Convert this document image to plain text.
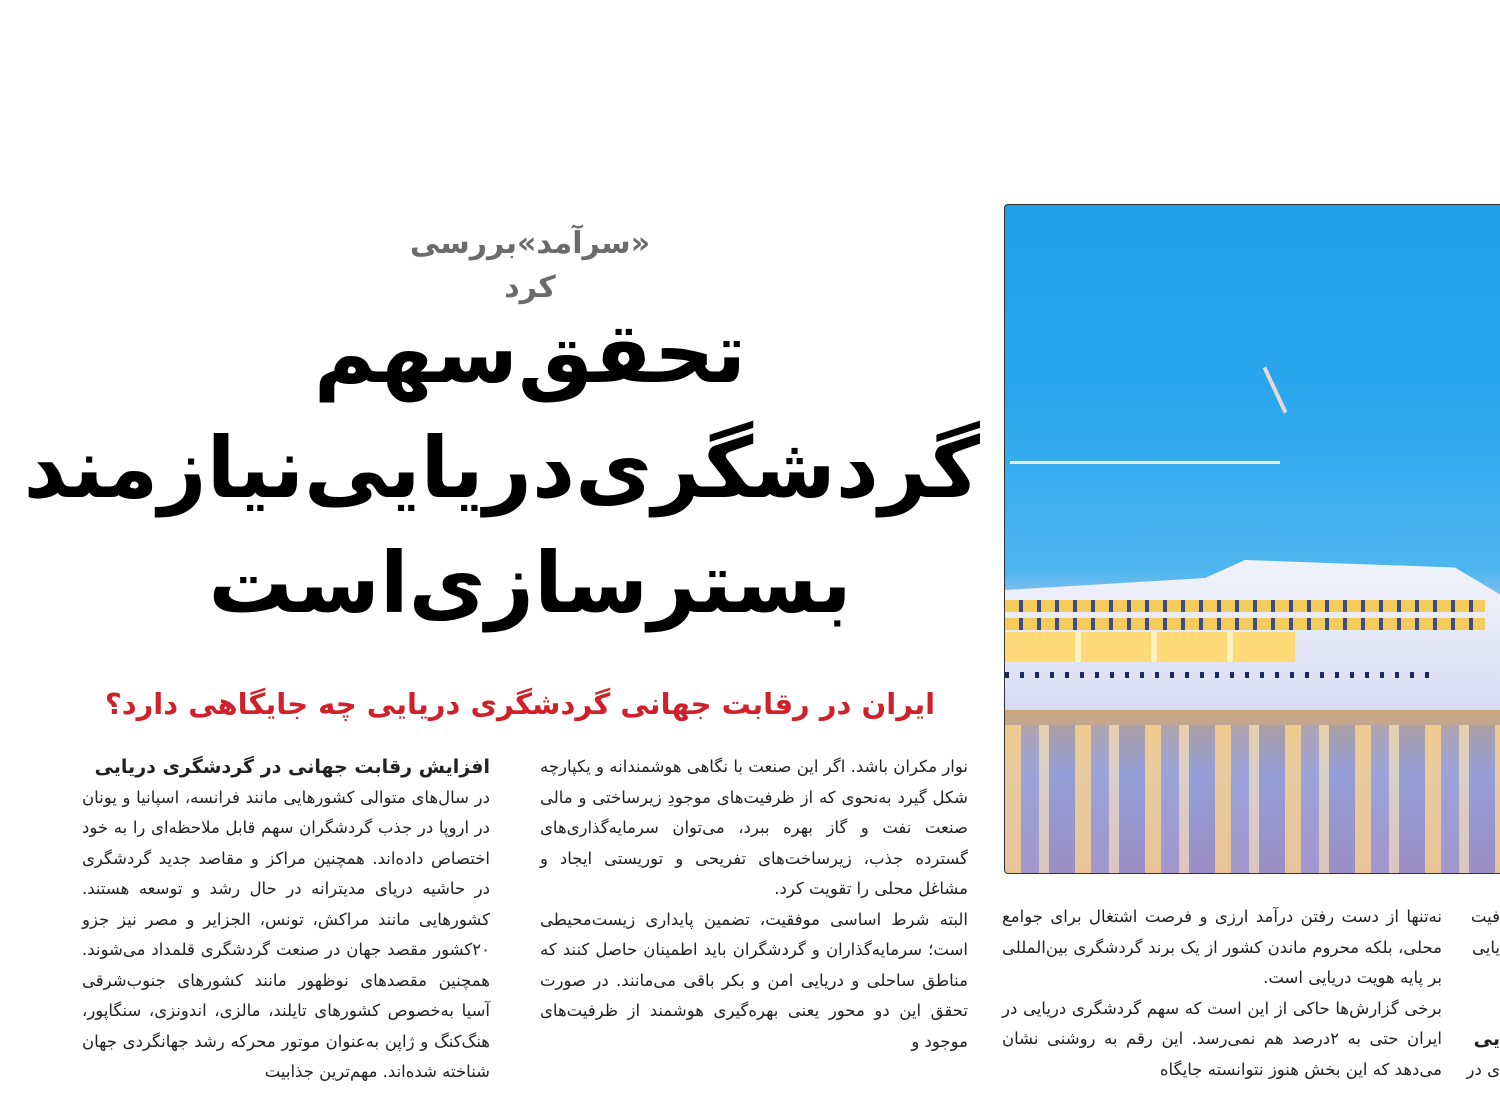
«سرآمد»بررسی کرد
تحقق‌سهم
گردشگری‌دریایی‌نیازمند
بسترسازی‌است
ایران در رقابت جهانی گردشگری دریایی چه جایگاهی دارد؟
افزایش رقابت جهانی در گردشگری دریایی

در سال‌های متوالی کشورهایی مانند فرانسه، اسپانیا و یونان در اروپا در جذب گردشگران سهم قابل ملاحظه‌ای را به خود اختصاص داده‌اند. همچنین مراکز و مقاصد جدید گردشگری در حاشیه دریای مدیترانه در حال رشد و توسعه هستند. کشورهایی مانند مراکش، تونس، الجزایر و مصر نیز جزو ۲۰کشور مقصد جهان در صنعت گردشگری قلمداد می‌شوند. همچنین مقصدهای نوظهور مانند کشورهای جنوب‌شرقی آسیا به‌خصوص کشورهای تایلند، مالزی، اندونزی، سنگاپور، هنگ‌کنگ و ژاپن به‌عنوان موتور محرکه رشد جهانگردی جهان شناخته شده‌اند. مهم‌ترین جذابیت

نوار مکران باشد. اگر این صنعت با نگاهی هوشمندانه و یکپارچه شکل گیرد به‌نحوی که از ظرفیت‌های موجودِ زیرساختی و مالی صنعت نفت و گاز بهره ببرد، می‌توان سرمایه‌گذاری‌های گسترده جذب، زیرساخت‌های تفریحی و توریستی ایجاد و مشاغل محلی را تقویت کرد.

البته شرط اساسی موفقیت، تضمین پایداری زیست‌محیطی است؛ سرمایه‌گذاران و گردشگران باید اطمینان حاصل کنند که مناطق ساحلی و دریایی امن و بکر باقی می‌مانند. در صورت تحقق این دو محور یعنی بهره‌گیری هوشمند از ظرفیت‌های موجود و

نه‌تنها از دست رفتن درآمد ارزی و فرصت اشتغال برای جوامع محلی، بلکه محروم ماندن کشور از یک برند گردشگری بین‌المللی بر پایه هویت دریایی است.

برخی گزارش‌ها حاکی از این است که سهم گردشگری دریایی در ایران حتی به ۲درصد هم نمی‌رسد. این رقم به روشنی نشان می‌دهد که این بخش هنوز نتوانسته جایگاه

فیت
یایی
یی
ی در
